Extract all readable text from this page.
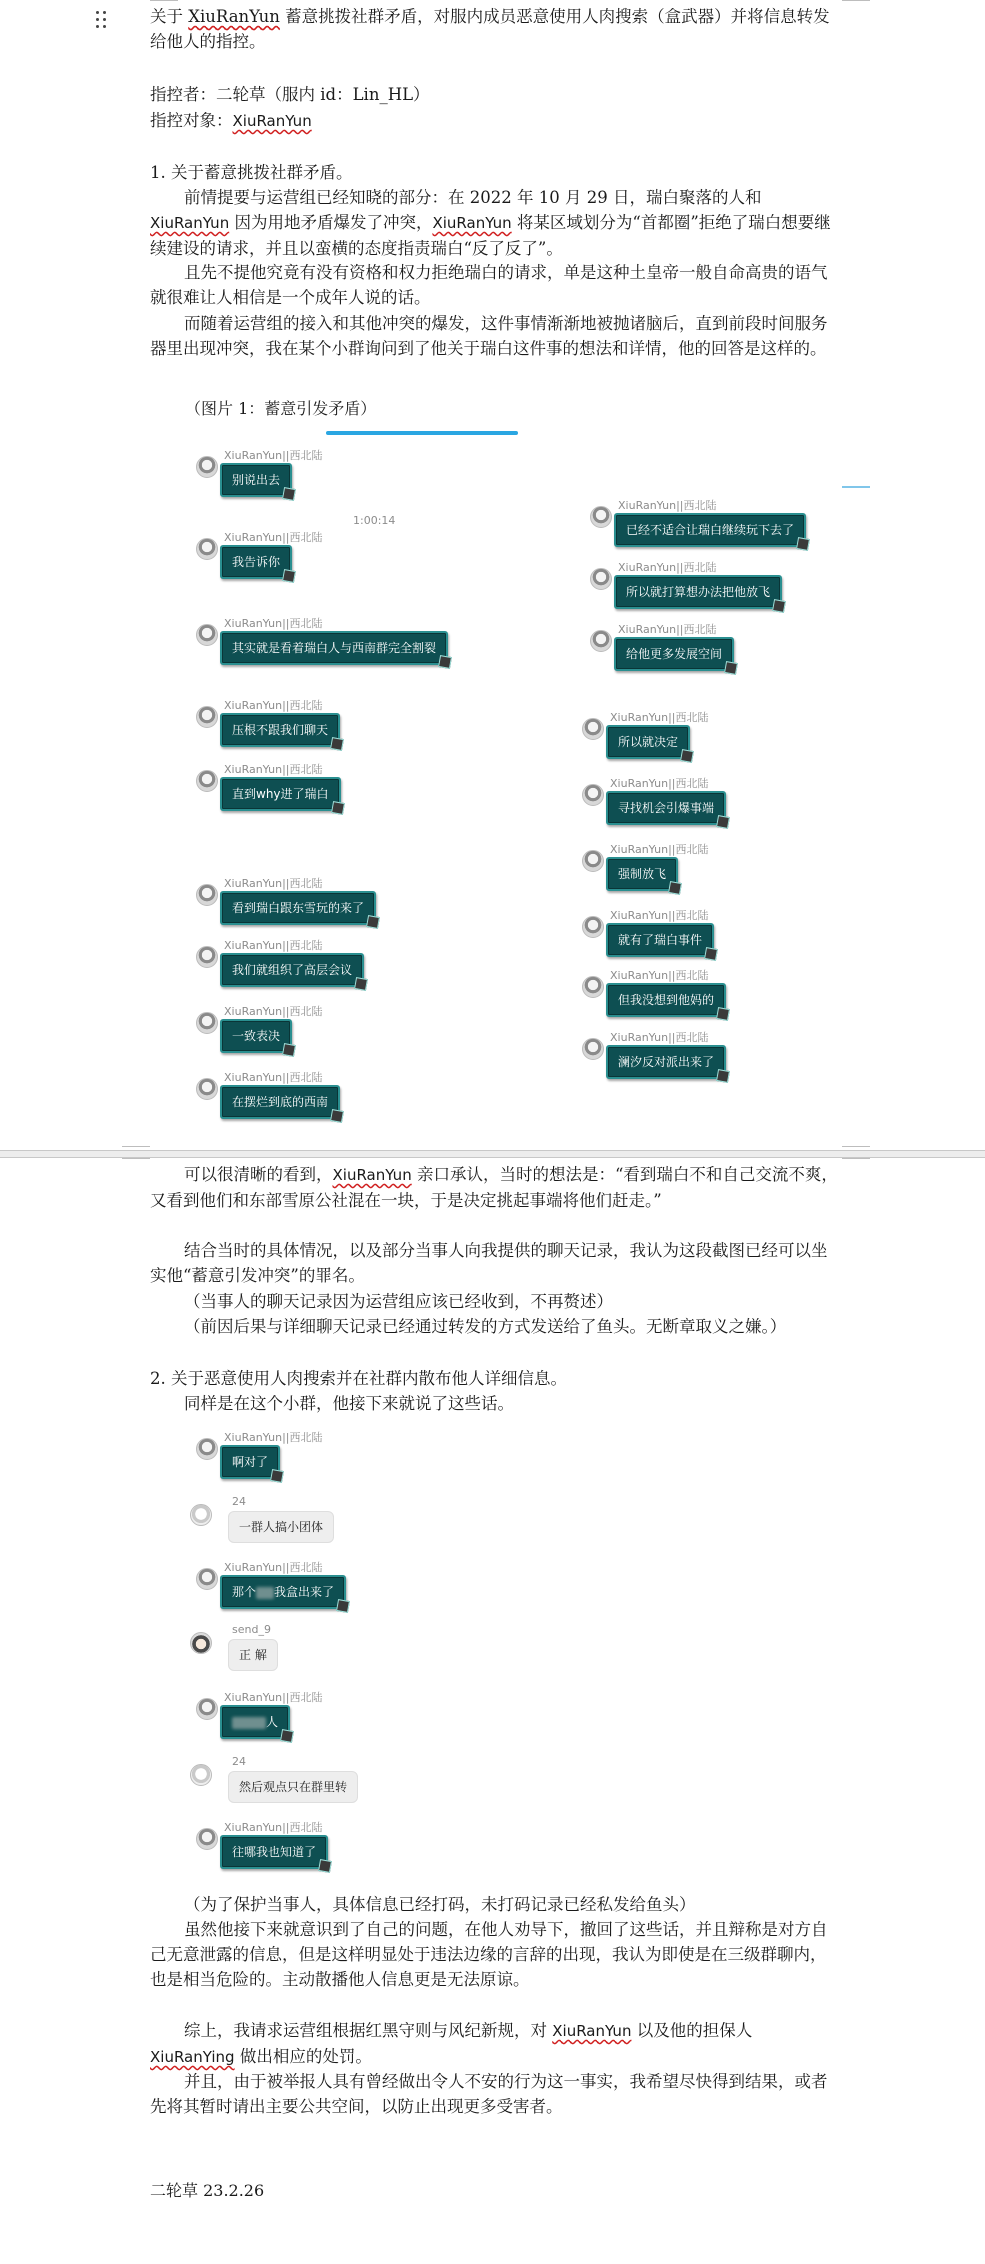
关于 XiuRanYun 蓄意挑拨社群矛盾，对服内成员恶意使用人肉搜索（盒武器）并将信息转发给他人的指控。

指控者：二轮草（服内 id：Lin_HL）

指控对象：XiuRanYun

1. 关于蓄意挑拨社群矛盾。

前情提要与运营组已经知晓的部分：在 2022 年 10 月 29 日，瑞白聚落的人和 XiuRanYun 因为用地矛盾爆发了冲突，XiuRanYun 将某区域划分为“首都圈”拒绝了瑞白想要继续建设的请求，并且以蛮横的态度指责瑞白“反了反了”。

且先不提他究竟有没有资格和权力拒绝瑞白的请求，单是这种土皇帝一般自命高贵的语气就很难让人相信是一个成年人说的话。

而随着运营组的接入和其他冲突的爆发，这件事情渐渐地被抛诸脑后，直到前段时间服务器里出现冲突，我在某个小群询问到了他关于瑞白这件事的想法和详情，他的回答是这样的。

（图片 1：蓄意引发矛盾）
1:00:14
XiuRanYun||西北陆
别说出去
XiuRanYun||西北陆
我告诉你
XiuRanYun||西北陆
其实就是看着瑞白人与西南群完全割裂
XiuRanYun||西北陆
压根不跟我们聊天
XiuRanYun||西北陆
直到why进了瑞白
XiuRanYun||西北陆
看到瑞白跟东雪玩的来了
XiuRanYun||西北陆
我们就组织了高层会议
XiuRanYun||西北陆
一致表决
XiuRanYun||西北陆
在摆烂到底的西南
XiuRanYun||西北陆
已经不适合让瑞白继续玩下去了
XiuRanYun||西北陆
所以就打算想办法把他放飞
XiuRanYun||西北陆
给他更多发展空间
XiuRanYun||西北陆
所以就决定
XiuRanYun||西北陆
寻找机会引爆事端
XiuRanYun||西北陆
强制放飞
XiuRanYun||西北陆
就有了瑞白事件
XiuRanYun||西北陆
但我没想到他妈的
XiuRanYun||西北陆
澜汐反对派出来了

可以很清晰的看到，XiuRanYun 亲口承认，当时的想法是：“看到瑞白不和自己交流不爽，又看到他们和东部雪原公社混在一块，于是决定挑起事端将他们赶走。”

结合当时的具体情况，以及部分当事人向我提供的聊天记录，我认为这段截图已经可以坐实他“蓄意引发冲突”的罪名。

（当事人的聊天记录因为运营组应该已经收到，不再赘述）

（前因后果与详细聊天记录已经通过转发的方式发送给了鱼头。无断章取义之嫌。）

2. 关于恶意使用人肉搜索并在社群内散布他人详细信息。

同样是在这个小群，他接下来就说了这些话。

XiuRanYun||西北陆
啊对了
24
一群人搞小团体
XiuRanYun||西北陆
那个 我盒出来了
send_9
正 解
XiuRanYun||西北陆
人
24
然后观点只在群里转
XiuRanYun||西北陆
往哪我也知道了

（为了保护当事人，具体信息已经打码，未打码记录已经私发给鱼头）

虽然他接下来就意识到了自己的问题，在他人劝导下，撤回了这些话，并且辩称是对方自己无意泄露的信息，但是这样明显处于违法边缘的言辞的出现，我认为即使是在三级群聊内，也是相当危险的。主动散播他人信息更是无法原谅。

综上，我请求运营组根据红黑守则与风纪新规，对 XiuRanYun 以及他的担保人 XiuRanYing 做出相应的处罚。

并且，由于被举报人具有曾经做出令人不安的行为这一事实，我希望尽快得到结果，或者先将其暂时请出主要公共空间，以防止出现更多受害者。

二轮草 23.2.26
